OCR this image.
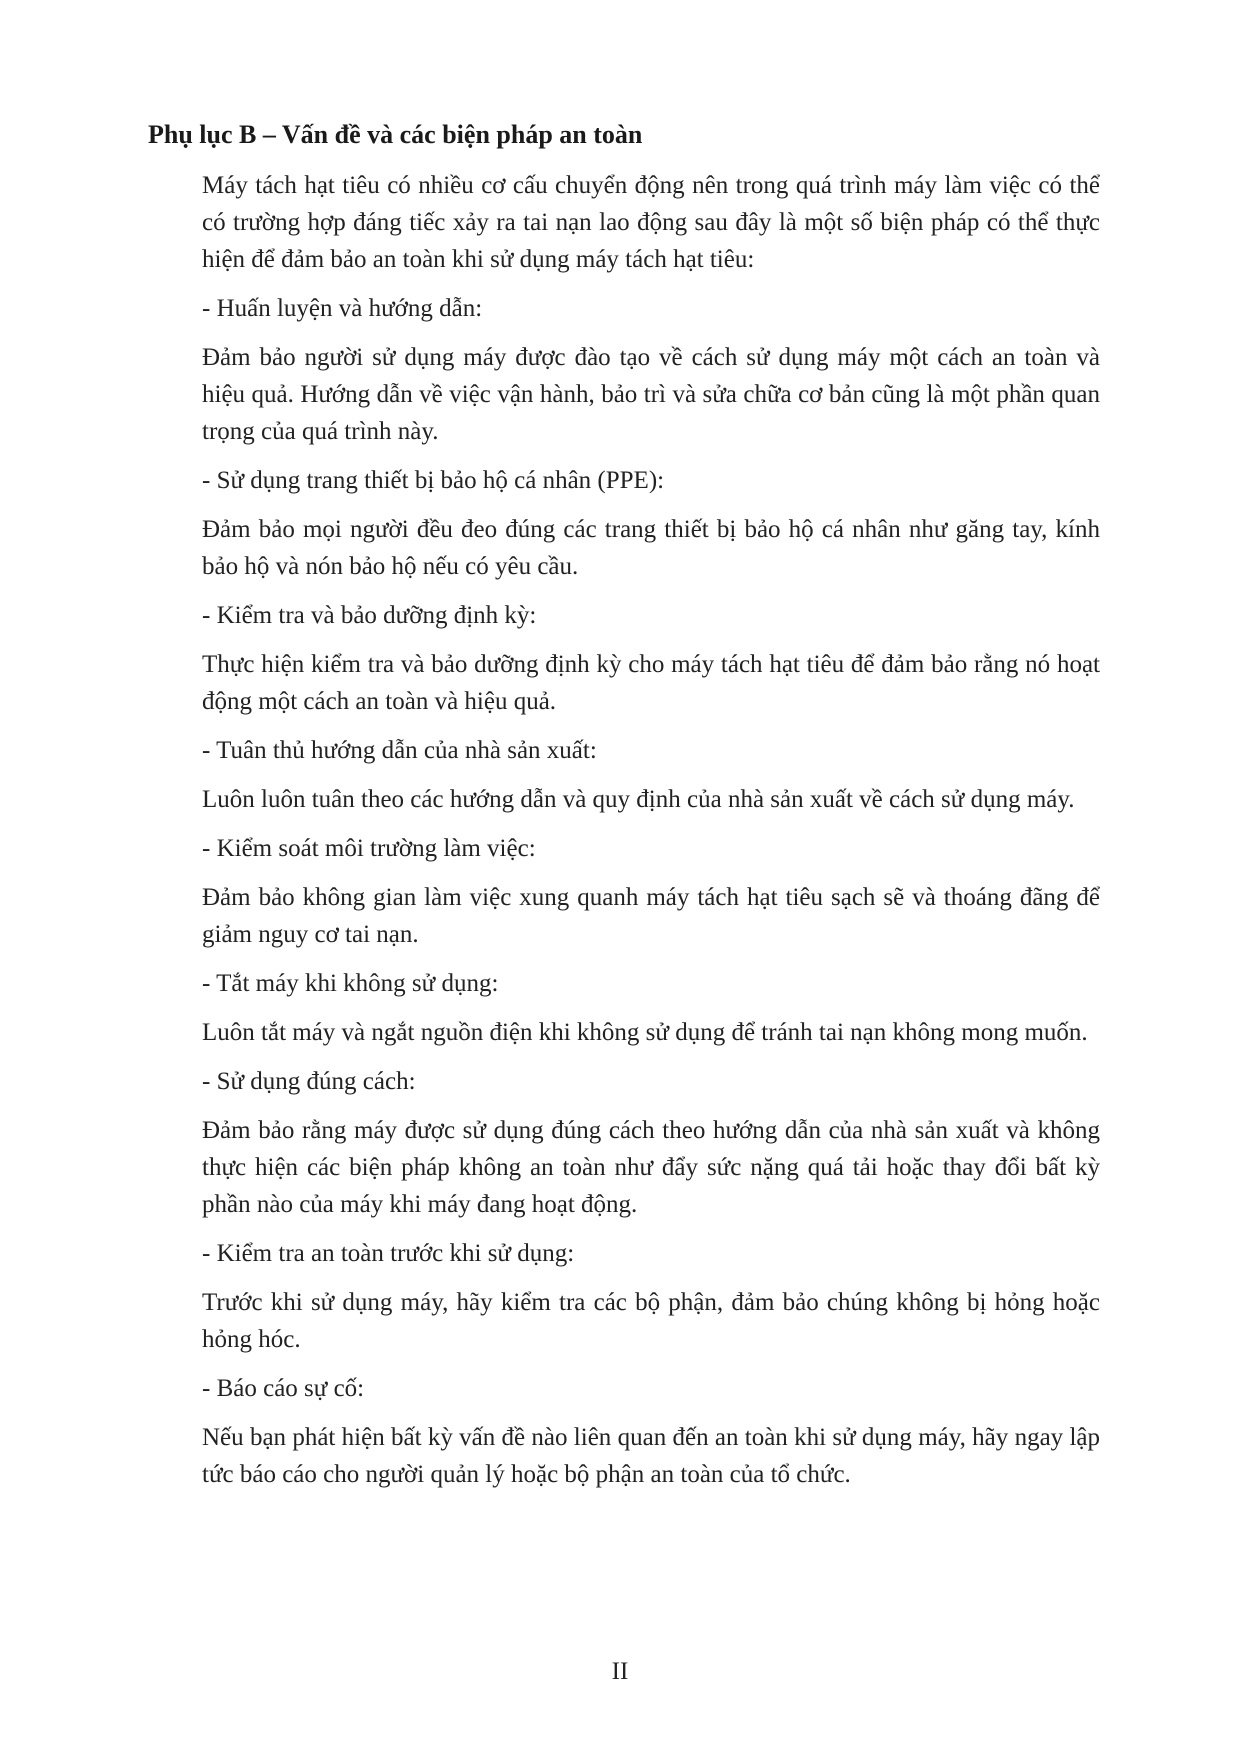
Phụ lục B – Vấn đề và các biện pháp an toàn

Máy tách hạt tiêu có nhiều cơ cấu chuyển động nên trong quá trình máy làm việc có thể có trường hợp đáng tiếc xảy ra tai nạn lao động sau đây là một số biện pháp có thể thực hiện để đảm bảo an toàn khi sử dụng máy tách hạt tiêu:

- Huấn luyện và hướng dẫn:

Đảm bảo người sử dụng máy được đào tạo về cách sử dụng máy một cách an toàn và hiệu quả. Hướng dẫn về việc vận hành, bảo trì và sửa chữa cơ bản cũng là một phần quan trọng của quá trình này.

- Sử dụng trang thiết bị bảo hộ cá nhân (PPE):

Đảm bảo mọi người đều đeo đúng các trang thiết bị bảo hộ cá nhân như găng tay, kính bảo hộ và nón bảo hộ nếu có yêu cầu.

- Kiểm tra và bảo dưỡng định kỳ:

Thực hiện kiểm tra và bảo dưỡng định kỳ cho máy tách hạt tiêu để đảm bảo rằng nó hoạt động một cách an toàn và hiệu quả.

- Tuân thủ hướng dẫn của nhà sản xuất:

Luôn luôn tuân theo các hướng dẫn và quy định của nhà sản xuất về cách sử dụng máy.

- Kiểm soát môi trường làm việc:

Đảm bảo không gian làm việc xung quanh máy tách hạt tiêu sạch sẽ và thoáng đãng để giảm nguy cơ tai nạn.

- Tắt máy khi không sử dụng:

Luôn tắt máy và ngắt nguồn điện khi không sử dụng để tránh tai nạn không mong muốn.

- Sử dụng đúng cách:

Đảm bảo rằng máy được sử dụng đúng cách theo hướng dẫn của nhà sản xuất và không thực hiện các biện pháp không an toàn như đẩy sức nặng quá tải hoặc thay đổi bất kỳ phần nào của máy khi máy đang hoạt động.

- Kiểm tra an toàn trước khi sử dụng:

Trước khi sử dụng máy, hãy kiểm tra các bộ phận, đảm bảo chúng không bị hỏng hoặc hỏng hóc.

- Báo cáo sự cố:

Nếu bạn phát hiện bất kỳ vấn đề nào liên quan đến an toàn khi sử dụng máy, hãy ngay lập tức báo cáo cho người quản lý hoặc bộ phận an toàn của tổ chức.

II
